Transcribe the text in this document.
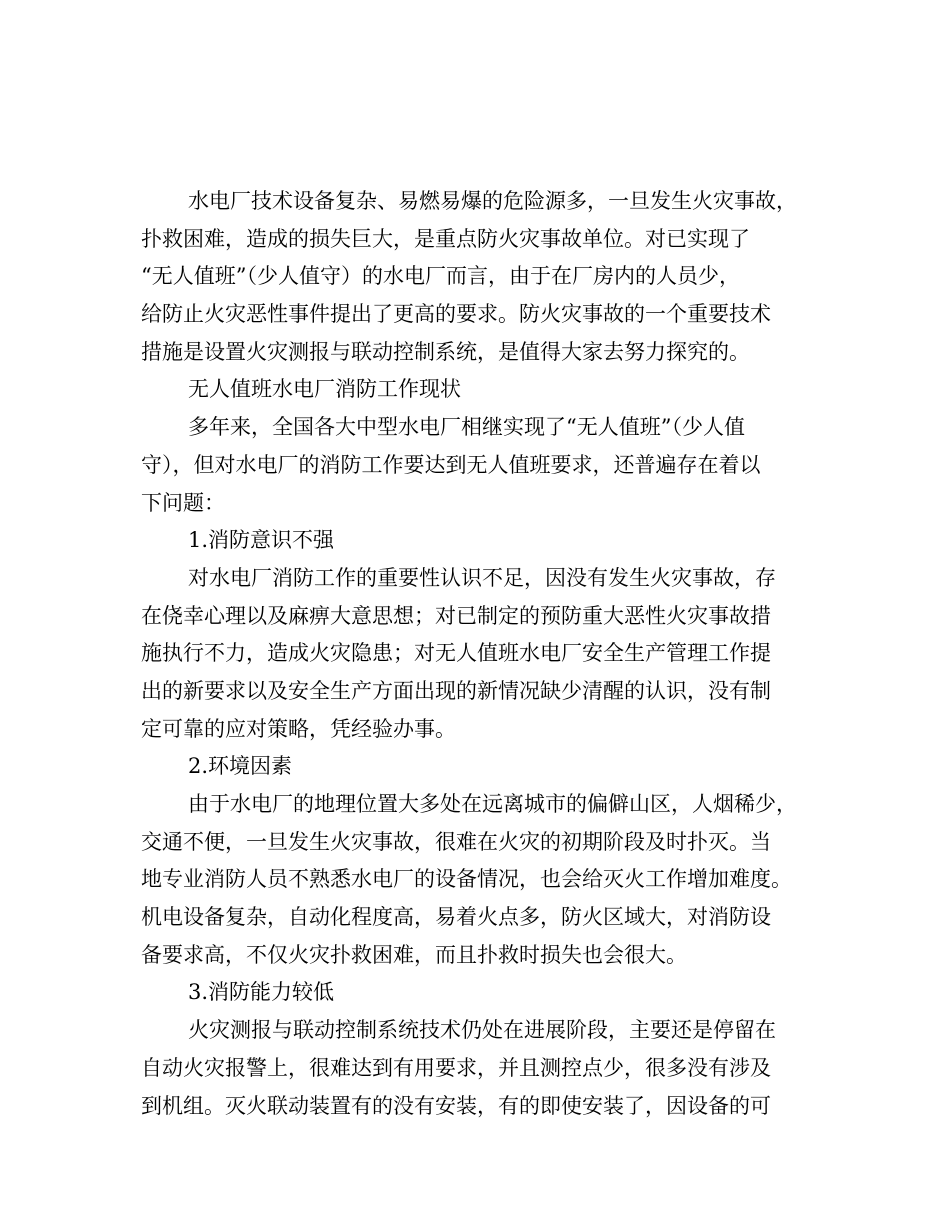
水电厂技术设备复杂、易燃易爆的危险源多，一旦发生火灾事故，
扑救困难，造成的损失巨大，是重点防火灾事故单位。对已实现了
“无人值班”（少人值守）的水电厂而言，由于在厂房内的人员少，
给防止火灾恶性事件提出了更高的要求。防火灾事故的一个重要技术
措施是设置火灾测报与联动控制系统，是值得大家去努力探究的。
无人值班水电厂消防工作现状
多年来，全国各大中型水电厂相继实现了“无人值班”（少人值
守），但对水电厂的消防工作要达到无人值班要求，还普遍存在着以
下问题：
1.消防意识不强
对水电厂消防工作的重要性认识不足，因没有发生火灾事故，存
在侥幸心理以及麻痹大意思想；对已制定的预防重大恶性火灾事故措
施执行不力，造成火灾隐患；对无人值班水电厂安全生产管理工作提
出的新要求以及安全生产方面出现的新情况缺少清醒的认识，没有制
定可靠的应对策略，凭经验办事。
2.环境因素
由于水电厂的地理位置大多处在远离城市的偏僻山区，人烟稀少，
交通不便，一旦发生火灾事故，很难在火灾的初期阶段及时扑灭。当
地专业消防人员不熟悉水电厂的设备情况，也会给灭火工作增加难度。
机电设备复杂，自动化程度高，易着火点多，防火区域大，对消防设
备要求高，不仅火灾扑救困难，而且扑救时损失也会很大。
3.消防能力较低
火灾测报与联动控制系统技术仍处在进展阶段，主要还是停留在
自动火灾报警上，很难达到有用要求，并且测控点少，很多没有涉及
到机组。灭火联动装置有的没有安装，有的即使安装了，因设备的可
